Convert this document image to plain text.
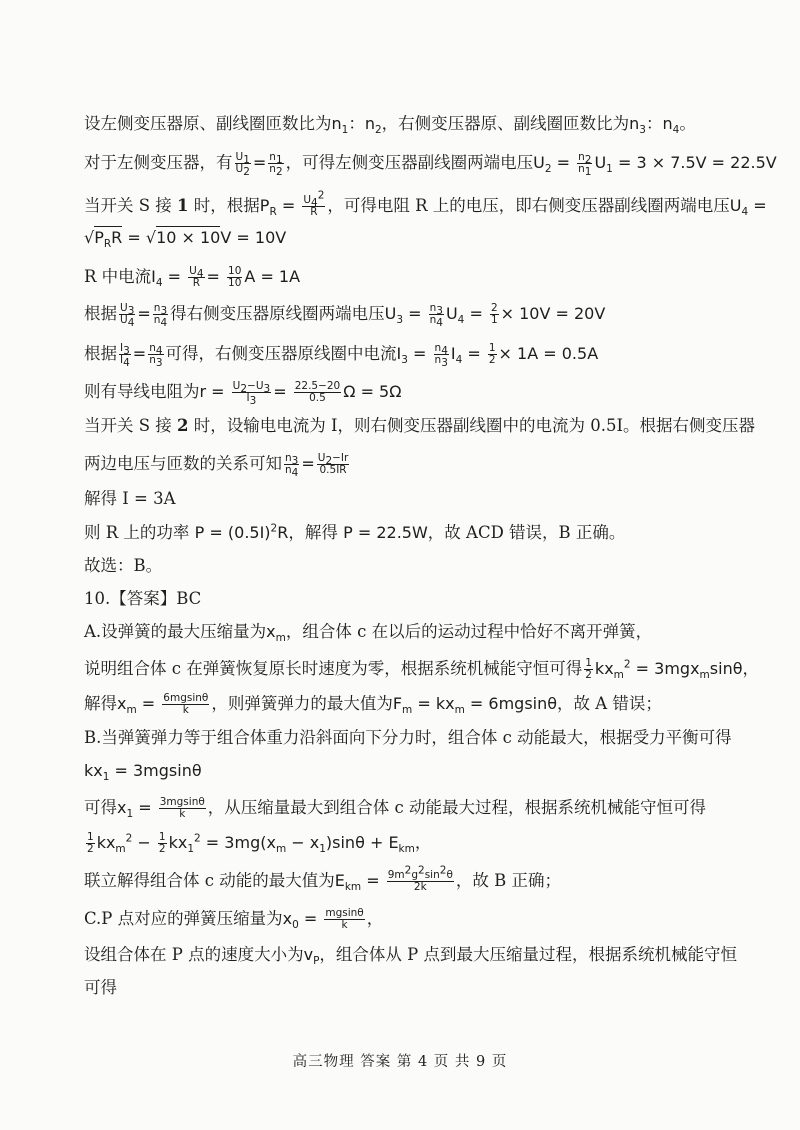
设左侧变压器原、副线圈匝数比为$n_1$：$n_2$，右侧变压器原、副线圈匝数比为$n_3$：$n_4$。
对于左侧变压器，有 $\frac{U_1}{U_2} = \frac{n_1}{n_2}$ ，可得左侧变压器副线圈两端电压$U_2 = \frac{n_2}{n_1} U_1 = 3 \times 7.5V = 22.5V$
当开关 S 接 1 时，根据$P_R = \frac{U_4^2}{R}$ ，可得电阻 R 上的电压，即右侧变压器副线圈两端电压$U_4$ =
$√P_RR = √10 \times 10V = 10V$
R 中电流$I_4 = \frac{U_4}{R} = \frac{10}{10}$ A = 1A
根据 $\frac{U_3}{U_4} = \frac{n_3}{n_4}$ 得右侧变压器原线圈两端电压$U_3 = \frac{n_3}{n_4} U_4 = \frac{2}{1} \times 10V = 20V$
根据 $\frac{I_3}{I_4} = \frac{n_4}{n_3}$ 可得，右侧变压器原线圈中电流$I_3 = \frac{n_4}{n_3} I_4 = \frac{1}{2} \times 1A = 0.5A$
则有导线电阻为$r = \frac{U_2-U_3}{I_3} = \frac{22.5-20}{0.5}$ Ω = 5Ω
当开关 S 接 2 时，设输电电流为 I，则右侧变压器副线圈中的电流为 0.5I。根据右侧变压器
两边电压与匝数的关系可知 $\frac{n_3}{n_4} = \frac{U_2-Ir}{0.5IR}$
解得 I = 3A
则 R 上的功率 $P = (0.5I)^2R$，解得 P = 22.5W，故 ACD 错误，B 正确。
故选：B。
10.【答案】BC
A.设弹簧的最大压缩量为$x_m$，组合体 c 在以后的运动过程中恰好不离开弹簧，
说明组合体 c 在弹簧恢复原长时速度为零，根据系统机械能守恒可得 $\frac{1}{2} kx_m^2 = 3mgx_m\sin\theta$，
解得$x_m = \frac{6mgsin\theta}{k}$ ，则弹簧弹力的最大值为$F_m = kx_m = 6mgsin\theta$，故 A 错误；
B.当弹簧弹力等于组合体重力沿斜面向下分力时，组合体 c 动能最大，根据受力平衡可得
$kx_1 = 3mgsin\theta$
可得$x_1 = \frac{3mgsin\theta}{k}$ ，从压缩量最大到组合体 c 动能最大过程，根据系统机械能守恒可得
$\frac{1}{2} kx_m^2 - \frac{1}{2} kx_1^2 = 3mg(x_m - x_1)\sin\theta + E_{km}$，
联立解得组合体 c 动能的最大值为$E_{km} = \frac{9m^2g^2\sin^2\theta}{2k}$ ，故 B 正确；
C.P 点对应的弹簧压缩量为$x_0 = \frac{mgsin\theta}{k}$ ，
设组合体在 P 点的速度大小为$v_P$，组合体从 P 点到最大压缩量过程，根据系统机械能守恒
可得
高三物理 答案 第 4 页 共 9 页
